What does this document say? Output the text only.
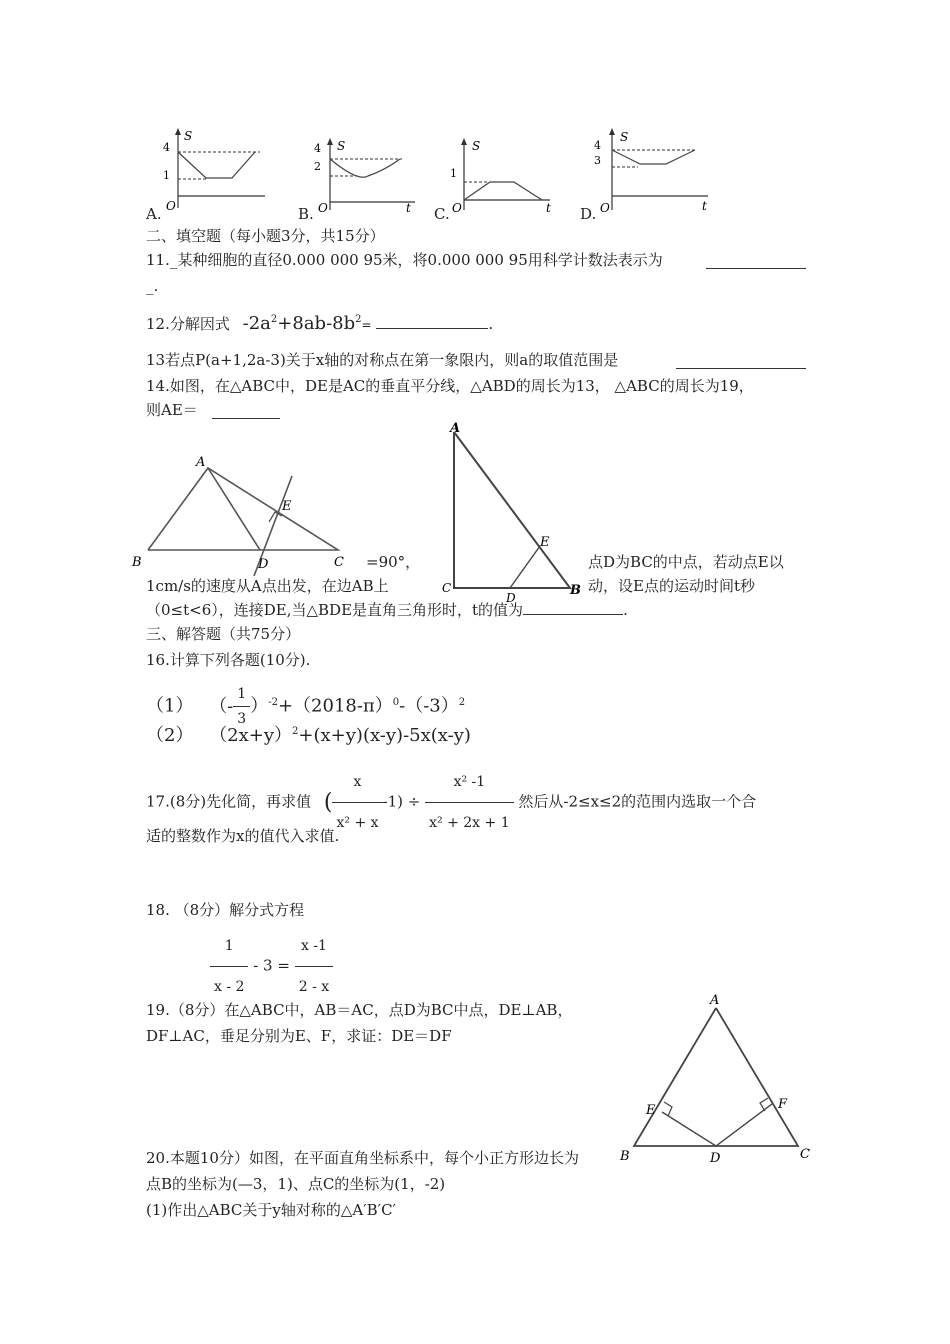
S
4
1
O
A.
S
4
2
O	t
B.
S
1
O	t
C.
S
4
3
O	t
D.
二、填空题（每小题3分，共15分）
11._某种细胞的直径0.000 000 95米，将0.000 000 95用科学计数法表示为
_.
12.分解因式 $-2a^2+8ab-8b^2=$	.
13若点P(a+1,2a-3)关于x轴的对称点在第一象限内，则a的取值范围是
14.如图，在△ABC中，DE是AC的垂直平分线，△ABD的周长为13， △ABC的周长为19，
则AE＝
A
B	C
D
E
A
C	B
D
E
=90°，	点D为BC的中点，若动点E以
1cm/s的速度从A点出发，在边AB上	动，设E点的运动时间t秒
（0≤t<6），连接DE,当△BDE是直角三角形时，t的值为	.
三、解答题（共75分）
16.计算下列各题(10分).
（1） （- $\frac{1}{3} )^{-2}+(2018-\pi)^0-(-3)^2$
（2） $(2x+y)^2+(x+y)(x-y)-5x(x-y)$
17.(8分)先化简，再求值 ( $\frac{x}{\text{x² + x}} -1) \div \frac{\text{x² -1}}{\text{x² + 2x + 1}}$ 然后从-2≤x≤2的范围内选取一个合
适的整数作为x的值代入求值.
18. （8分）解分式方程
$\frac{1}{x - 2} - 3 = \frac{x -1}{2 - x}$
19.（8分）在△ABC中，AB＝AC，点D为BC中点，DE⊥AB，
DF⊥AC，垂足分别为E、F，求证：DE＝DF
A
B	C
D
E	F
20.本题10分）如图，在平面直角坐标系中，每个小正方形边长为
点B的坐标为(—3，1)、点C的坐标为(1，-2)
(1)作出△ABC关于y轴对称的△A′B′C′
